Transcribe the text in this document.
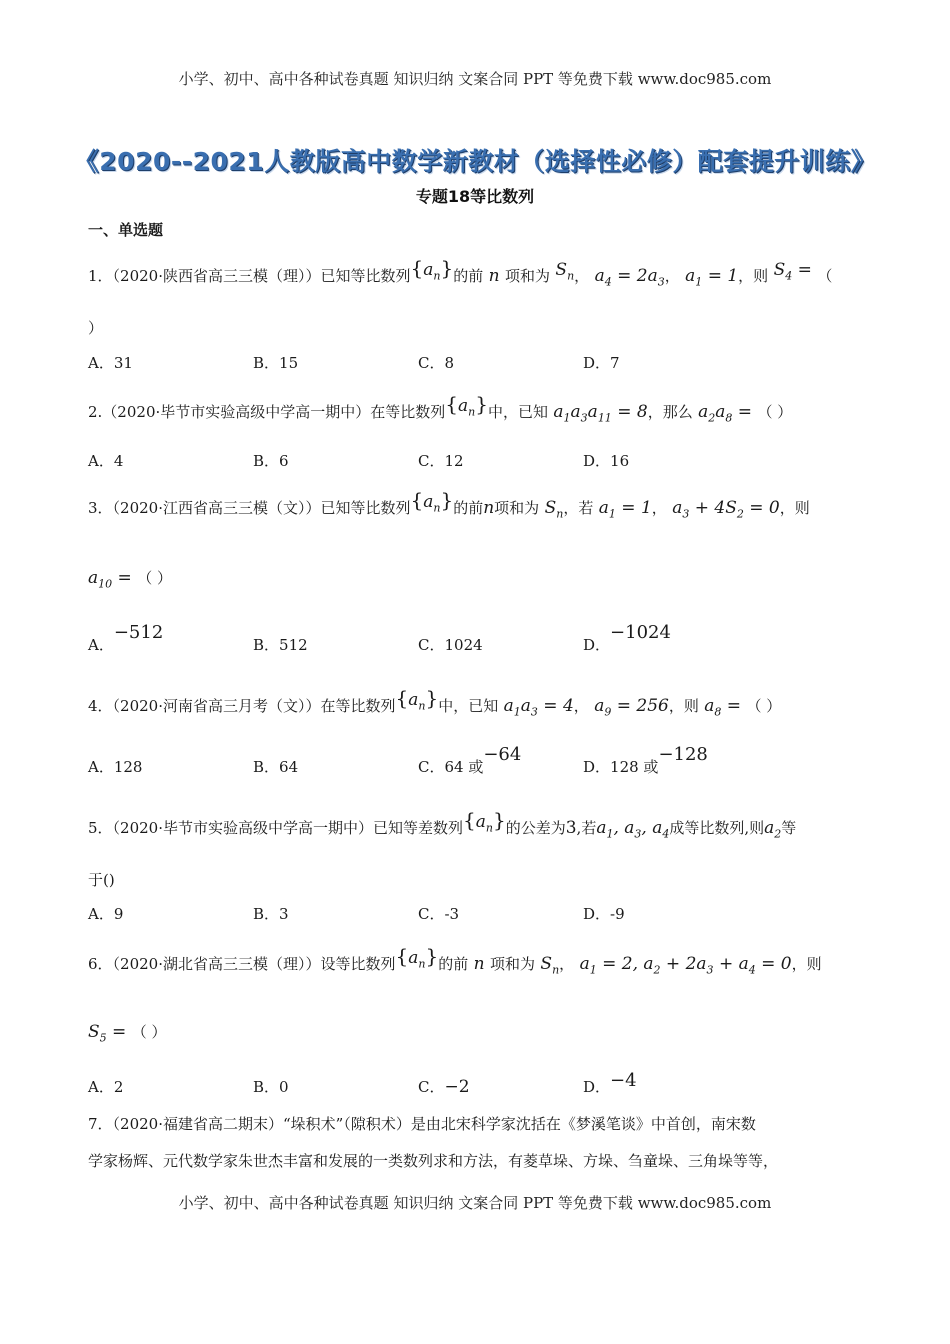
小学、初中、高中各种试卷真题 知识归纳 文案合同 PPT 等免费下载 www.doc985.com
《2020--2021人教版高中数学新教材（选择性必修）配套提升训练》
专题18等比数列
一、单选题
1．（2020·陕西省高三三模（理））已知等比数列$\{a_n\}$的前 n 项和为 $S_n$， $a_4 = 2a_3$， $a_1 = 1$，则 $S_4$ = （
）
A．31	B．15	C．8	D．7
2.（2020·毕节市实验高级中学高一期中）在等比数列$\{a_n\}$中，已知 $a_1a_3a_{11} = 8$，那么 $a_2a_8$ = （ ）
A．4	B．6	C．12	D．16
3．（2020·江西省高三三模（文））已知等比数列$\{a_n\}$的前n项和为 $S_n$，若 $a_1 = 1$， $a_3 + 4S_2 = 0$，则
$a_{10}$ = （ ）
A．−512
B．512	C．1024	D．−1024
4．（2020·河南省高三月考（文））在等比数列$\{a_n\}$中，已知 $a_1a_3 = 4$， $a_9 = 256$，则 $a_8$ = （ ）
A．128	B．64	C．64 或−64
D．128 或−128
5．（2020·毕节市实验高级中学高一期中）已知等差数列$\{a_n\}$的公差为3,若$a_1$, $a_3$, $a_4$成等比数列,则$a_2$等
于()
A．9	B．3	C．-3	D．-9
6．（2020·湖北省高三三模（理））设等比数列$\{a_n\}$的前 n 项和为 $S_n$， $a_1 = 2$, $a_2 + 2a_3 + a_4 = 0$，则
$S_5$ = （ ）
A．2	B．0	C．−2	D．−4
7．（2020·福建省高二期末）“垛积术”（隙积术）是由北宋科学家沈括在《梦溪笔谈》中首创，南宋数
学家杨辉、元代数学家朱世杰丰富和发展的一类数列求和方法，有菱草垛、方垛、刍童垛、三角垛等等，
小学、初中、高中各种试卷真题 知识归纳 文案合同 PPT 等免费下载 www.doc985.com
